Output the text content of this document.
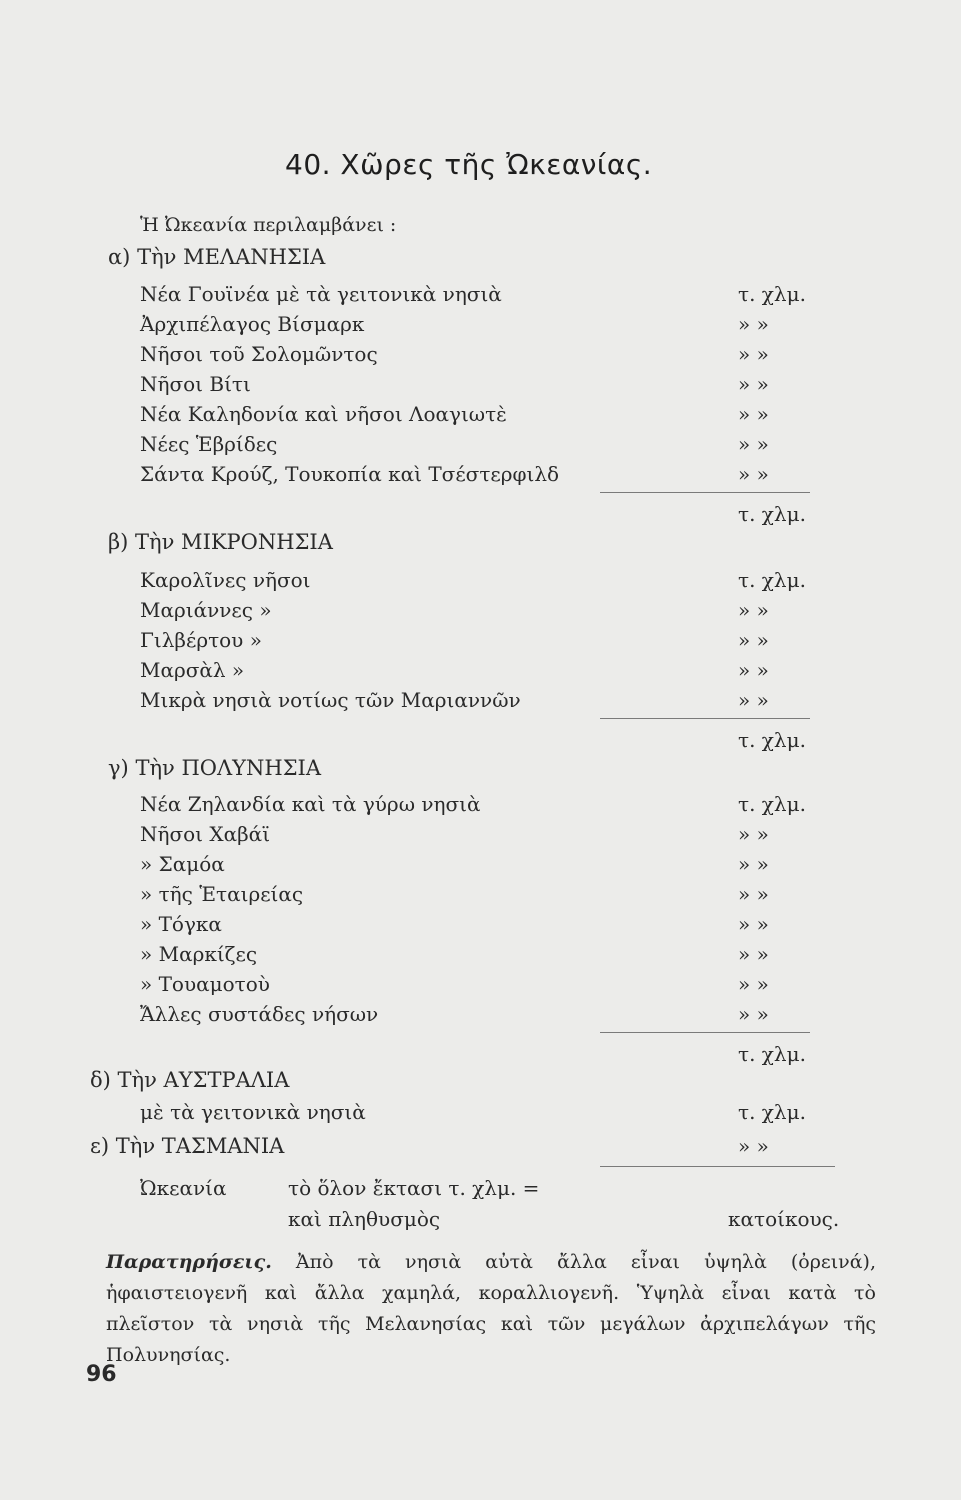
40. Χῶρες τῆς Ὠκεανίας.
Ἡ Ὠκεανία περιλαμβάνει :
α) Τὴν ΜΕΛΑΝΗΣΙΑ
Νέα Γουϊνέα μὲ τὰ γειτονικὰ νησιὰ	τ. χλμ.
Ἀρχιπέλαγος Βίσμαρκ	» »
Νῆσοι τοῦ Σολομῶντος	» »
Νῆσοι Βίτι	» »
Νέα Καληδονία καὶ νῆσοι Λοαγιωτὲ	» »
Νέες Ἑβρίδες	» »
Σάντα Κρούζ, Τουκοπία καὶ Τσέστερφιλδ	» »
τ. χλμ.
β) Τὴν ΜΙΚΡΟΝΗΣΙΑ
Καρολῖνες νῆσοι	τ. χλμ.
Μαριάννες »	» »
Γιλβέρτου »	» »
Μαρσὰλ »	» »
Μικρὰ νησιὰ νοτίως τῶν Μαριαννῶν	» »
τ. χλμ.
γ) Τὴν ΠΟΛΥΝΗΣΙΑ
Νέα Ζηλανδία καὶ τὰ γύρω νησιὰ	τ. χλμ.
Νῆσοι Χαβάϊ	» »
» Σαμόα	» »
» τῆς Ἑταιρείας	» »
» Τόγκα	» »
» Μαρκίζες	» »
» Τουαμοτοὺ	» »
Ἄλλες συστάδες νήσων	» »
τ. χλμ.
δ) Τὴν ΑΥΣΤΡΑΛΙΑ
μὲ τὰ γειτονικὰ νησιὰ	τ. χλμ.
ε) Τὴν ΤΑΣΜΑΝΙΑ	» »
Ὠκεανία	τὸ ὅλον ἔκτασι τ. χλμ. =
καὶ πληθυσμὸς	κατοίκους.
Παρατηρήσεις. Ἀπὸ τὰ νησιὰ αὐτὰ ἄλλα εἶναι ὑψηλὰ (ὀρεινά), ἡφαιστειογενῆ καὶ ἄλλα χαμηλά, κοραλλιογενῆ. Ὑψηλὰ εἶναι κατὰ τὸ πλεῖστον τὰ νησιὰ τῆς Μελανησίας καὶ τῶν μεγάλων ἀρχιπελάγων τῆς Πολυνησίας.
96
